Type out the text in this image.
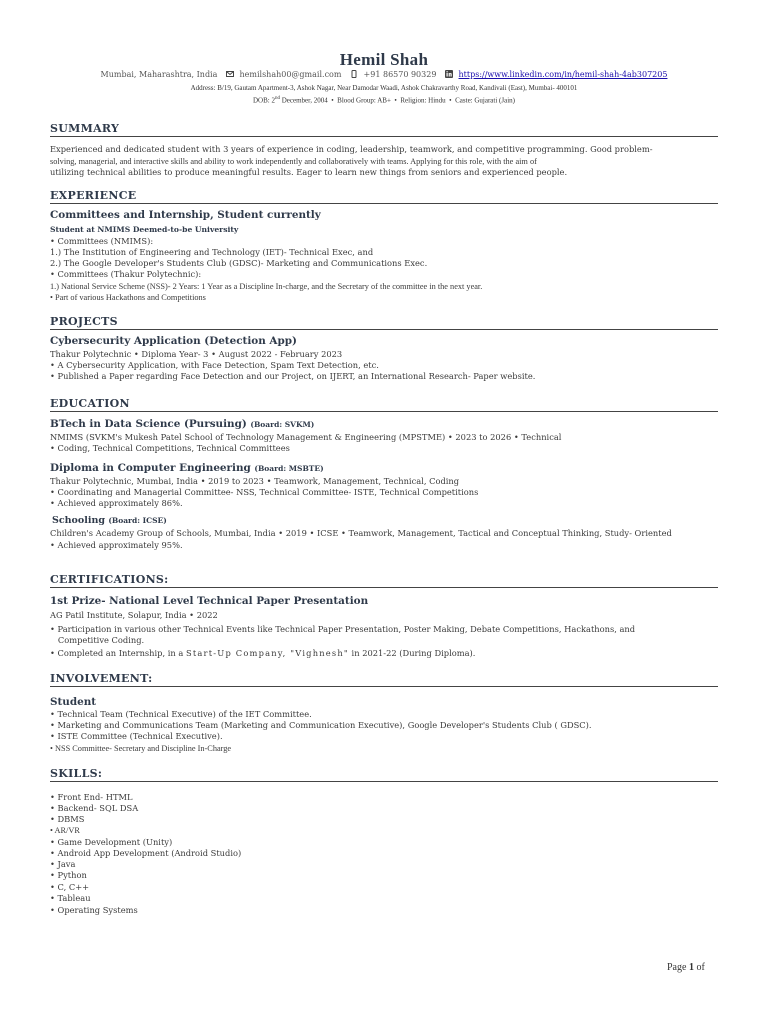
Hemil Shah
Mumbai, Maharashtra, India	hemilshah00@gmail.com	+91 86570 90329	https://www.linkedin.com/in/hemil-shah-4ab307205
Address: B/19, Gautam Apartment-3, Ashok Nagar, Near Damodar Waadi, Ashok Chakravarthy Road, Kandivali (East), Mumbai- 400101
DOB: 2nd December, 2004  •  Blood Group: AB+  •  Religion: Hindu  •  Caste: Gujarati (Jain)
SUMMARY
Experienced and dedicated student with 3 years of experience in coding, leadership, teamwork, and competitive programming. Good problem-
solving, managerial, and interactive skills and ability to work independently and collaboratively with teams. Applying for this role, with the aim of
utilizing technical abilities to produce meaningful results. Eager to learn new things from seniors and experienced people.
EXPERIENCE
Committees and Internship, Student currently
Student at NMIMS Deemed-to-be University
• Committees (NMIMS):
1.) The Institution of Engineering and Technology (IET)- Technical Exec, and
2.) The Google Developer's Students Club (GDSC)- Marketing and Communications Exec.
• Committees (Thakur Polytechnic):
1.) National Service Scheme (NSS)- 2 Years: 1 Year as a Discipline In-charge, and the Secretary of the committee in the next year.
• Part of various Hackathons and Competitions
PROJECTS
Cybersecurity Application (Detection App)
Thakur Polytechnic • Diploma Year- 3 • August 2022 - February 2023
• A Cybersecurity Application, with Face Detection, Spam Text Detection, etc.
• Published a Paper regarding Face Detection and our Project, on IJERT, an International Research- Paper website.
EDUCATION
BTech in Data Science (Pursuing) (Board: SVKM)
NMIMS (SVKM's Mukesh Patel School of Technology Management & Engineering (MPSTME) • 2023 to 2026 • Technical
• Coding, Technical Competitions, Technical Committees
Diploma in Computer Engineering (Board: MSBTE)
Thakur Polytechnic, Mumbai, India • 2019 to 2023 • Teamwork, Management, Technical, Coding
• Coordinating and Managerial Committee- NSS, Technical Committee- ISTE, Technical Competitions
• Achieved approximately 86%.
Schooling (Board: ICSE)
Children's Academy Group of Schools, Mumbai, India • 2019 • ICSE • Teamwork, Management, Tactical and Conceptual Thinking, Study- Oriented
• Achieved approximately 95%.
CERTIFICATIONS:
1st Prize- National Level Technical Paper Presentation
AG Patil Institute, Solapur, India • 2022
• Participation in various other Technical Events like Technical Paper Presentation, Poster Making, Debate Competitions, Hackathons, and
Competitive Coding.
• Completed an Internship, in a Start-Up Company, "Vighnesh" in 2021-22 (During Diploma).
INVOLVEMENT:
Student
• Technical Team (Technical Executive) of the IET Committee.
• Marketing and Communications Team (Marketing and Communication Executive), Google Developer's Students Club ( GDSC).
• ISTE Committee (Technical Executive).
• NSS Committee- Secretary and Discipline In-Charge
SKILLS:
• Front End- HTML
• Backend- SQL DSA
• DBMS
• AR/VR
• Game Development (Unity)
• Android App Development (Android Studio)
• Java
• Python
• C, C++
• Tableau
• Operating Systems
Page 1 of
